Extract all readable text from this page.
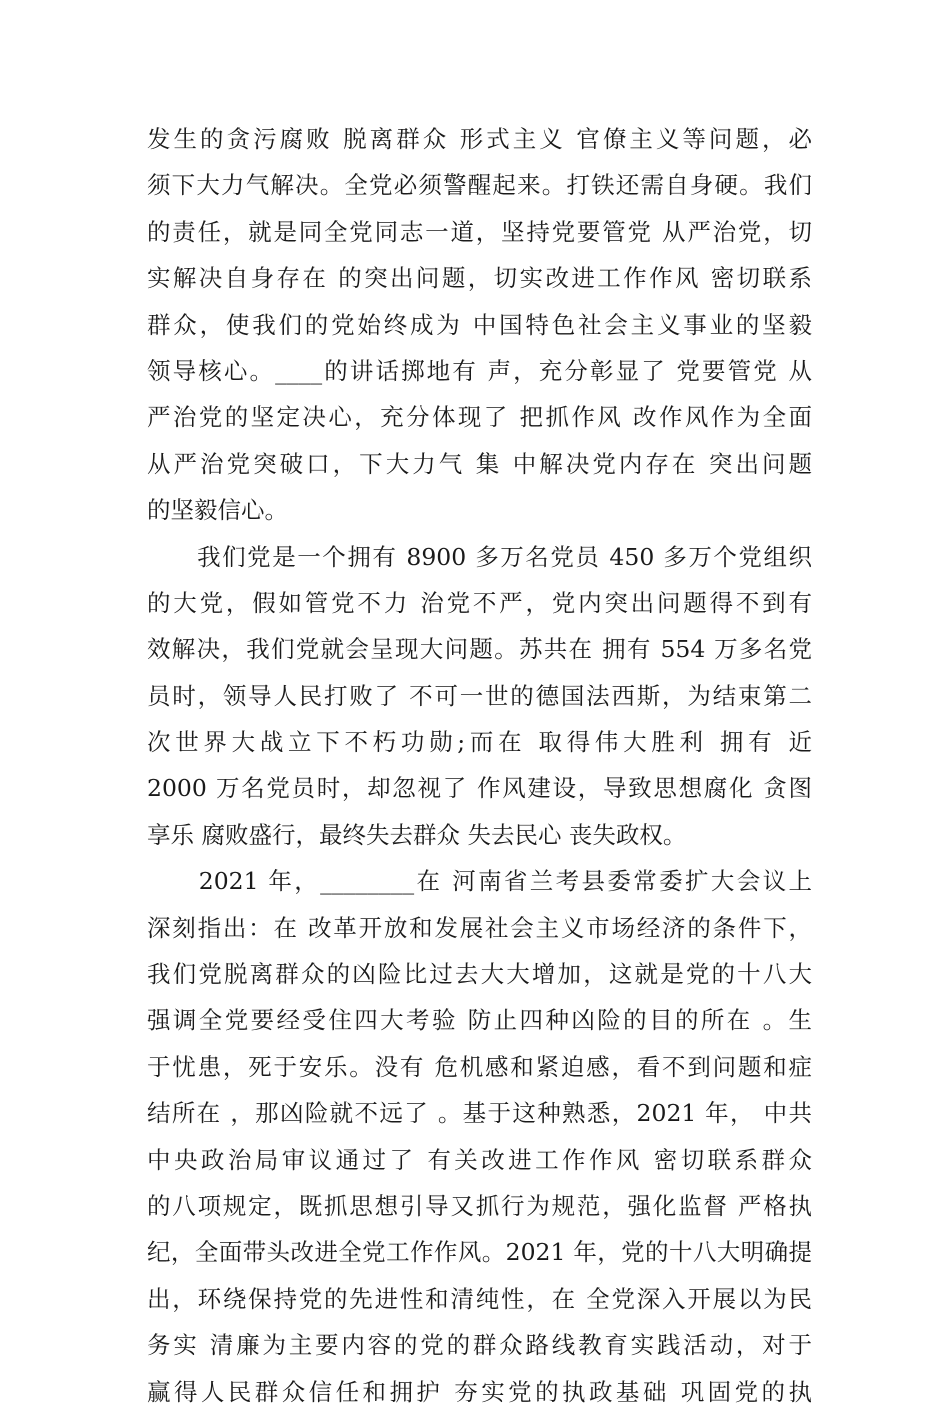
发生的贪污腐败 脱离群众 形式主义 官僚主义等问题，必
须下大力气解决。全党必须警醒起来。打铁还需自身硬。我们
的责任，就是同全党同志一道，坚持党要管党 从严治党，切
实解决自身存在 的突出问题，切实改进工作作风 密切联系
群众，使我们的党始终成为 中国特色社会主义事业的坚毅
领导核心。____的讲话掷地有 声，充分彰显了 党要管党 从
严治党的坚定决心，充分体现了 把抓作风 改作风作为全面
从严治党突破口，下大力气 集 中解决党内存在 突出问题
的坚毅信心。
　　我们党是一个拥有 8900 多万名党员 450 多万个党组织
的大党，假如管党不力 治党不严，党内突出问题得不到有
效解决，我们党就会呈现大问题。苏共在 拥有 554 万多名党
员时，领导人民打败了 不可一世的德国法西斯，为结束第二
次世界大战立下不朽功勋;而在 取得伟大胜利 拥有 近
2000 万名党员时，却忽视了 作风建设，导致思想腐化 贪图
享乐 腐败盛行，最终失去群众 失去民心 丧失政权。
　　2021 年，________在 河南省兰考县委常委扩大会议上
深刻指出：在 改革开放和发展社会主义市场经济的条件下，
我们党脱离群众的凶险比过去大大增加，这就是党的十八大
强调全党要经受住四大考验 防止四种凶险的目的所在 。生
于忧患，死于安乐。没有 危机感和紧迫感，看不到问题和症
结所在 ，那凶险就不远了 。基于这种熟悉，2021 年， 中共
中央政治局审议通过了 有关改进工作作风 密切联系群众
的八项规定，既抓思想引导又抓行为规范，强化监督 严格执
纪，全面带头改进全党工作作风。2021 年，党的十八大明确提
出，环绕保持党的先进性和清纯性，在 全党深入开展以为民
务实 清廉为主要内容的党的群众路线教育实践活动，对于
赢得人民群众信任和拥护 夯实党的执政基础 巩固党的执
